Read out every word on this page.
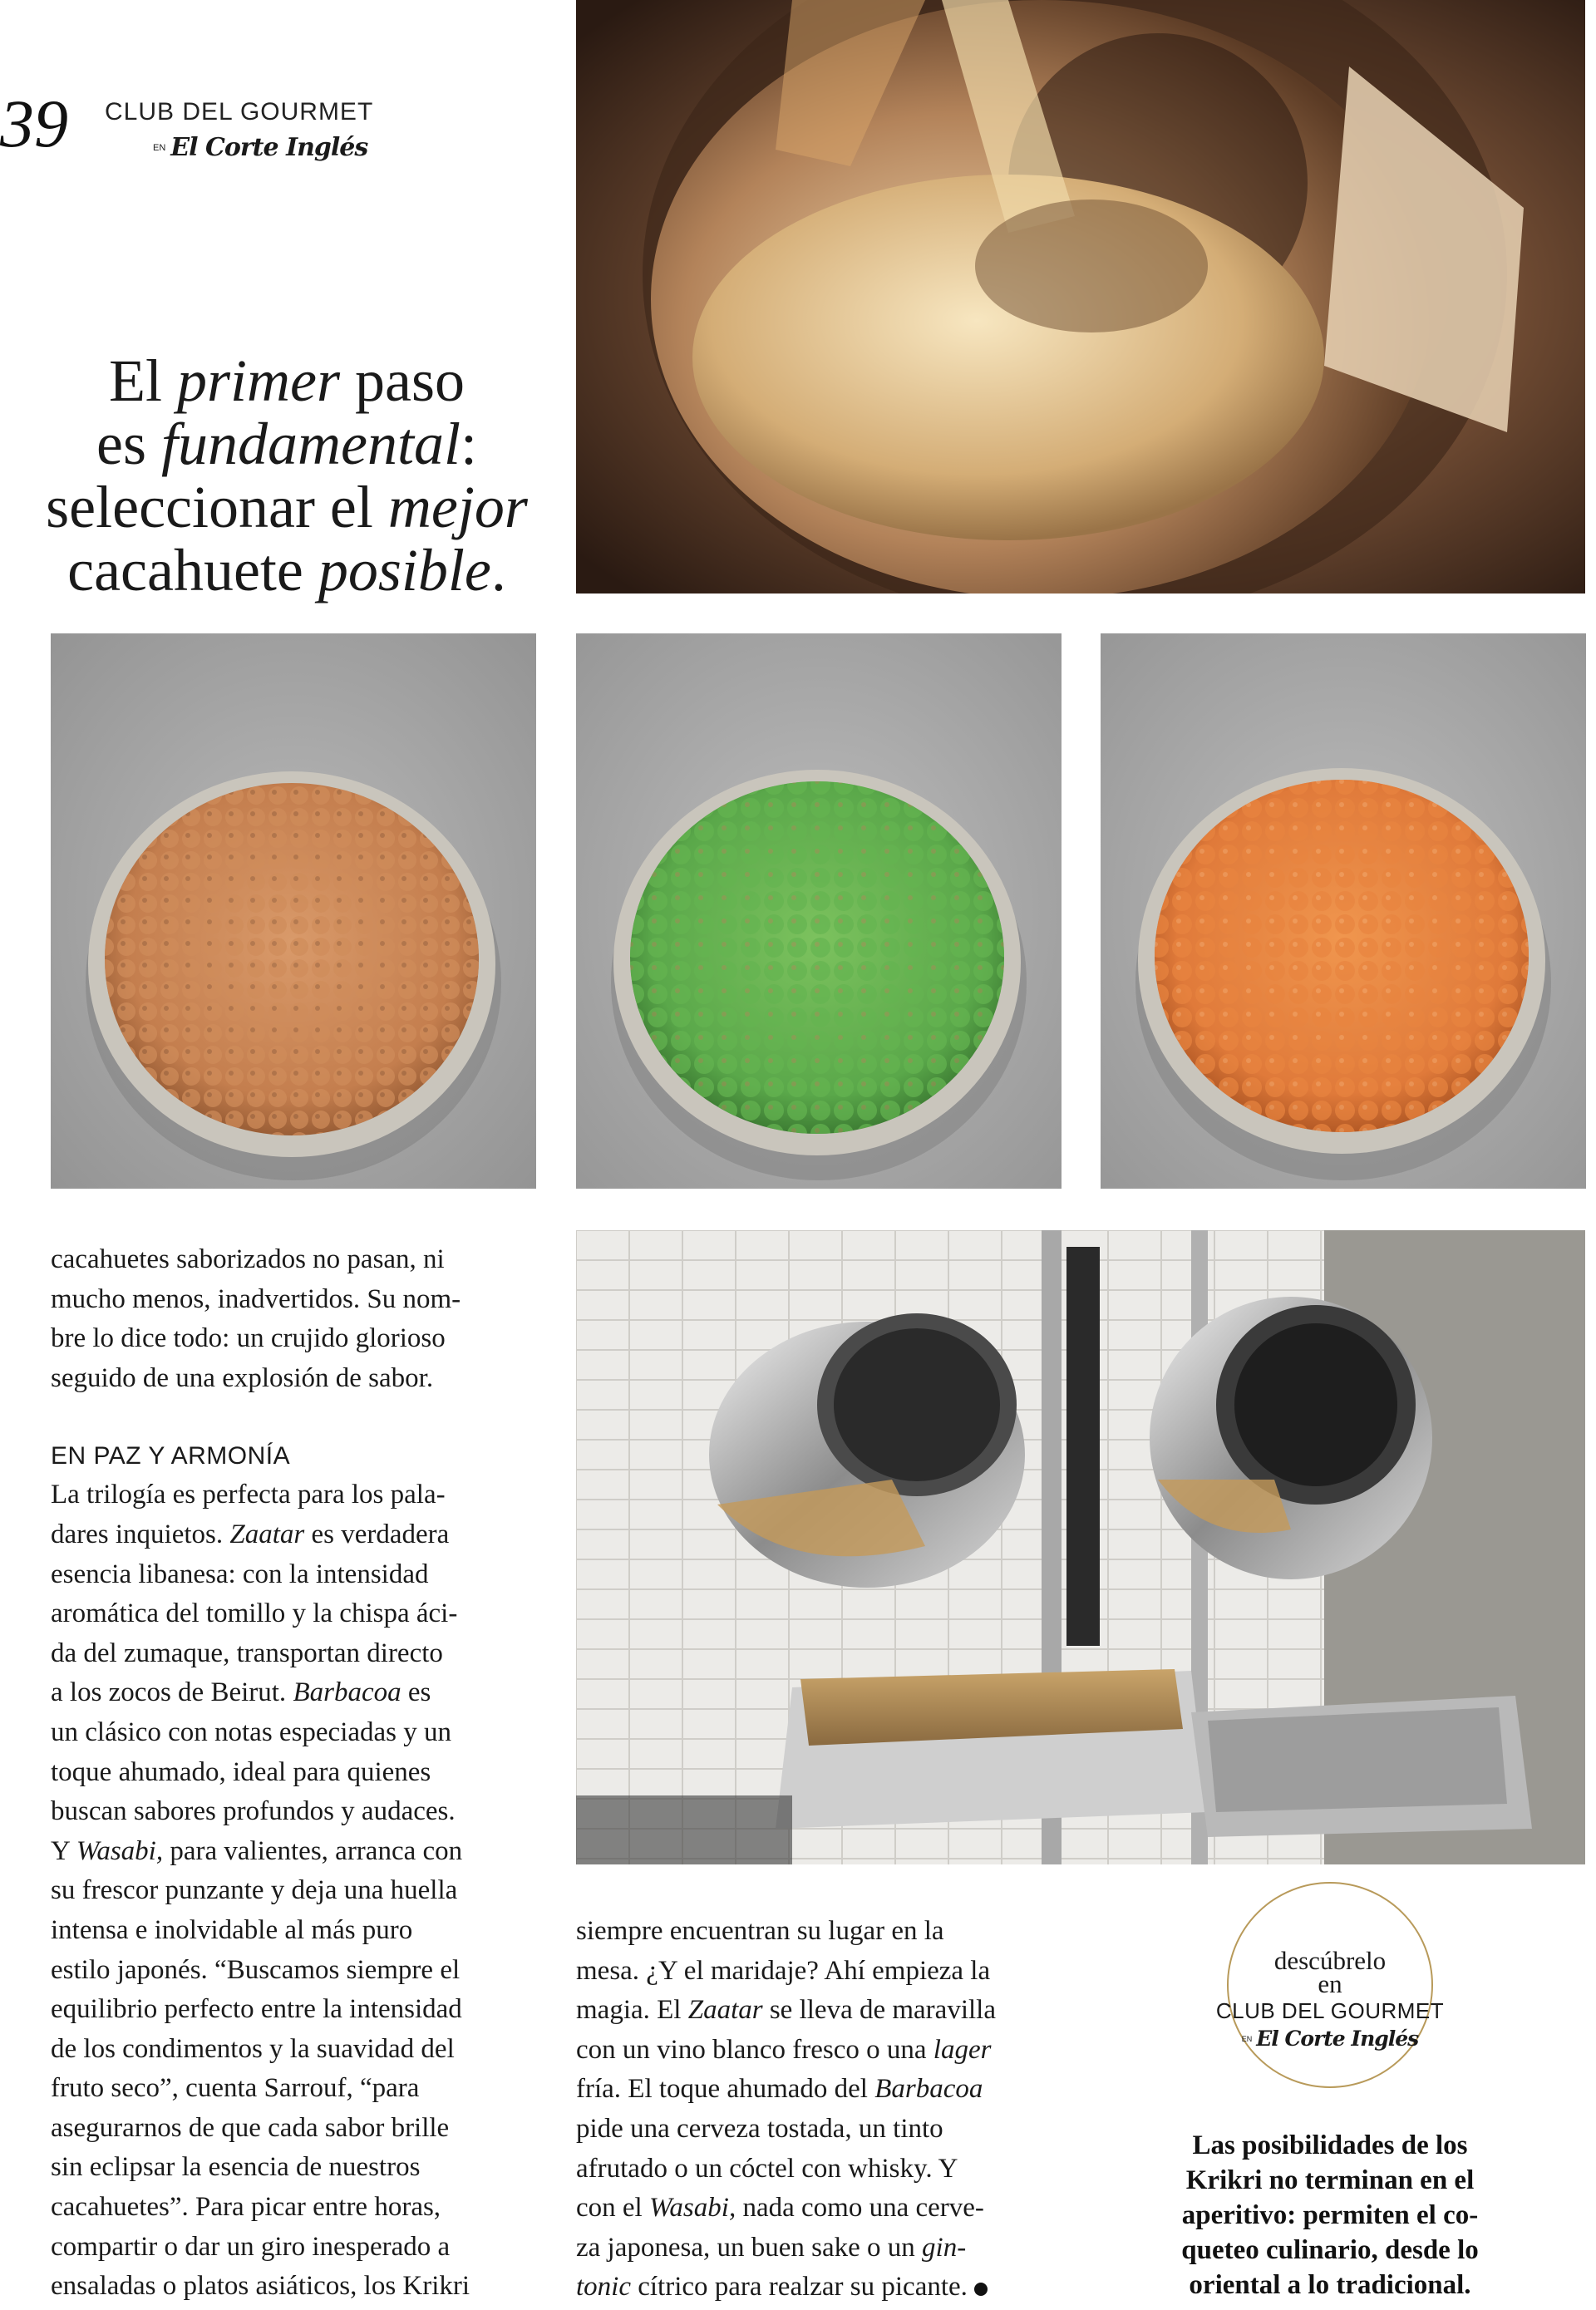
39 CLUB DEL GOURMET
EN El Corte Inglés
El primer paso
es fundamental:
seleccionar el mejor
cacahuete posible.

cacahuetes saborizados no pasan, ni

mucho menos, inadvertidos. Su nom-

bre lo dice todo: un crujido glorioso

seguido de una explosión de sabor.

EN PAZ Y ARMONÍA

La trilogía es perfecta para los pala-

dares inquietos. Zaatar es verdadera

esencia libanesa: con la intensidad

aromática del tomillo y la chispa áci-

da del zumaque, transportan directo

a los zocos de Beirut. Barbacoa es

un clásico con notas especiadas y un

toque ahumado, ideal para quienes

buscan sabores profundos y audaces.

Y Wasabi, para valientes, arranca con

su frescor punzante y deja una huella

intensa e inolvidable al más puro

estilo japonés. “Buscamos siempre el

equilibrio perfecto entre la intensidad

de los condimentos y la suavidad del

fruto seco”, cuenta Sarrouf, “para

asegurarnos de que cada sabor brille

sin eclipsar la esencia de nuestros

cacahuetes”. Para picar entre horas,

compartir o dar un giro inesperado a

ensaladas o platos asiáticos, los Krikri

siempre encuentran su lugar en la

mesa. ¿Y el maridaje? Ahí empieza la

magia. El Zaatar se lleva de maravilla

con un vino blanco fresco o una lager

fría. El toque ahumado del Barbacoa

pide una cerveza tostada, un tinto

afrutado o un cóctel con whisky. Y

con el Wasabi, nada como una cerve-

za japonesa, un buen sake o un gin-

tonic cítrico para realzar su picante.

descúbrelo
en
CLUB DEL GOURMET
EN El Corte Inglés
Las posibilidades de los
Krikri no terminan en el
aperitivo: permiten el co-
queteo culinario, desde lo
oriental a lo tradicional.
